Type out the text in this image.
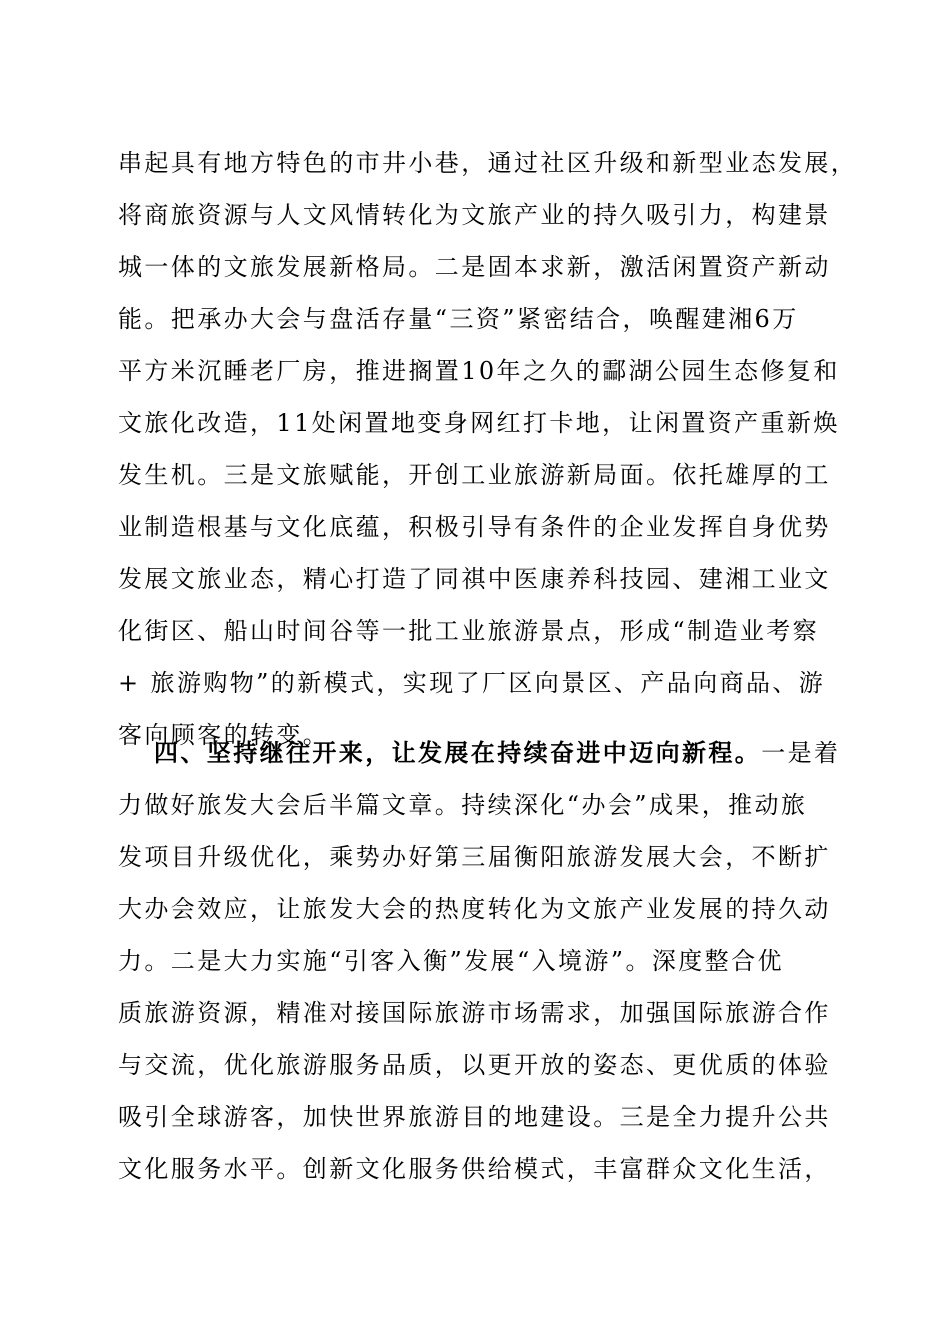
串起具有地方特色的市井小巷，通过社区升级和新型业态发展，
将商旅资源与人文风情转化为文旅产业的持久吸引力，构建景
城一体的文旅发展新格局。二是固本求新，激活闲置资产新动
能。把承办大会与盘活存量“三资”紧密结合，唤醒建湘6万
平方米沉睡老厂房，推进搁置10年之久的酃湖公园生态修复和
文旅化改造，11处闲置地变身网红打卡地，让闲置资产重新焕
发生机。三是文旅赋能，开创工业旅游新局面。依托雄厚的工
业制造根基与文化底蕴，积极引导有条件的企业发挥自身优势
发展文旅业态，精心打造了同祺中医康养科技园、建湘工业文
化街区、船山时间谷等一批工业旅游景点，形成“制造业考察
+ 旅游购物”的新模式，实现了厂区向景区、产品向商品、游
客向顾客的转变。
四、坚持继往开来，让发展在持续奋进中迈向新程。一是着
力做好旅发大会后半篇文章。持续深化“办会”成果，推动旅
发项目升级优化，乘势办好第三届衡阳旅游发展大会，不断扩
大办会效应，让旅发大会的热度转化为文旅产业发展的持久动
力。二是大力实施“引客入衡”发展“入境游”。深度整合优
质旅游资源，精准对接国际旅游市场需求，加强国际旅游合作
与交流，优化旅游服务品质，以更开放的姿态、更优质的体验
吸引全球游客，加快世界旅游目的地建设。三是全力提升公共
文化服务水平。创新文化服务供给模式，丰富群众文化生活，
